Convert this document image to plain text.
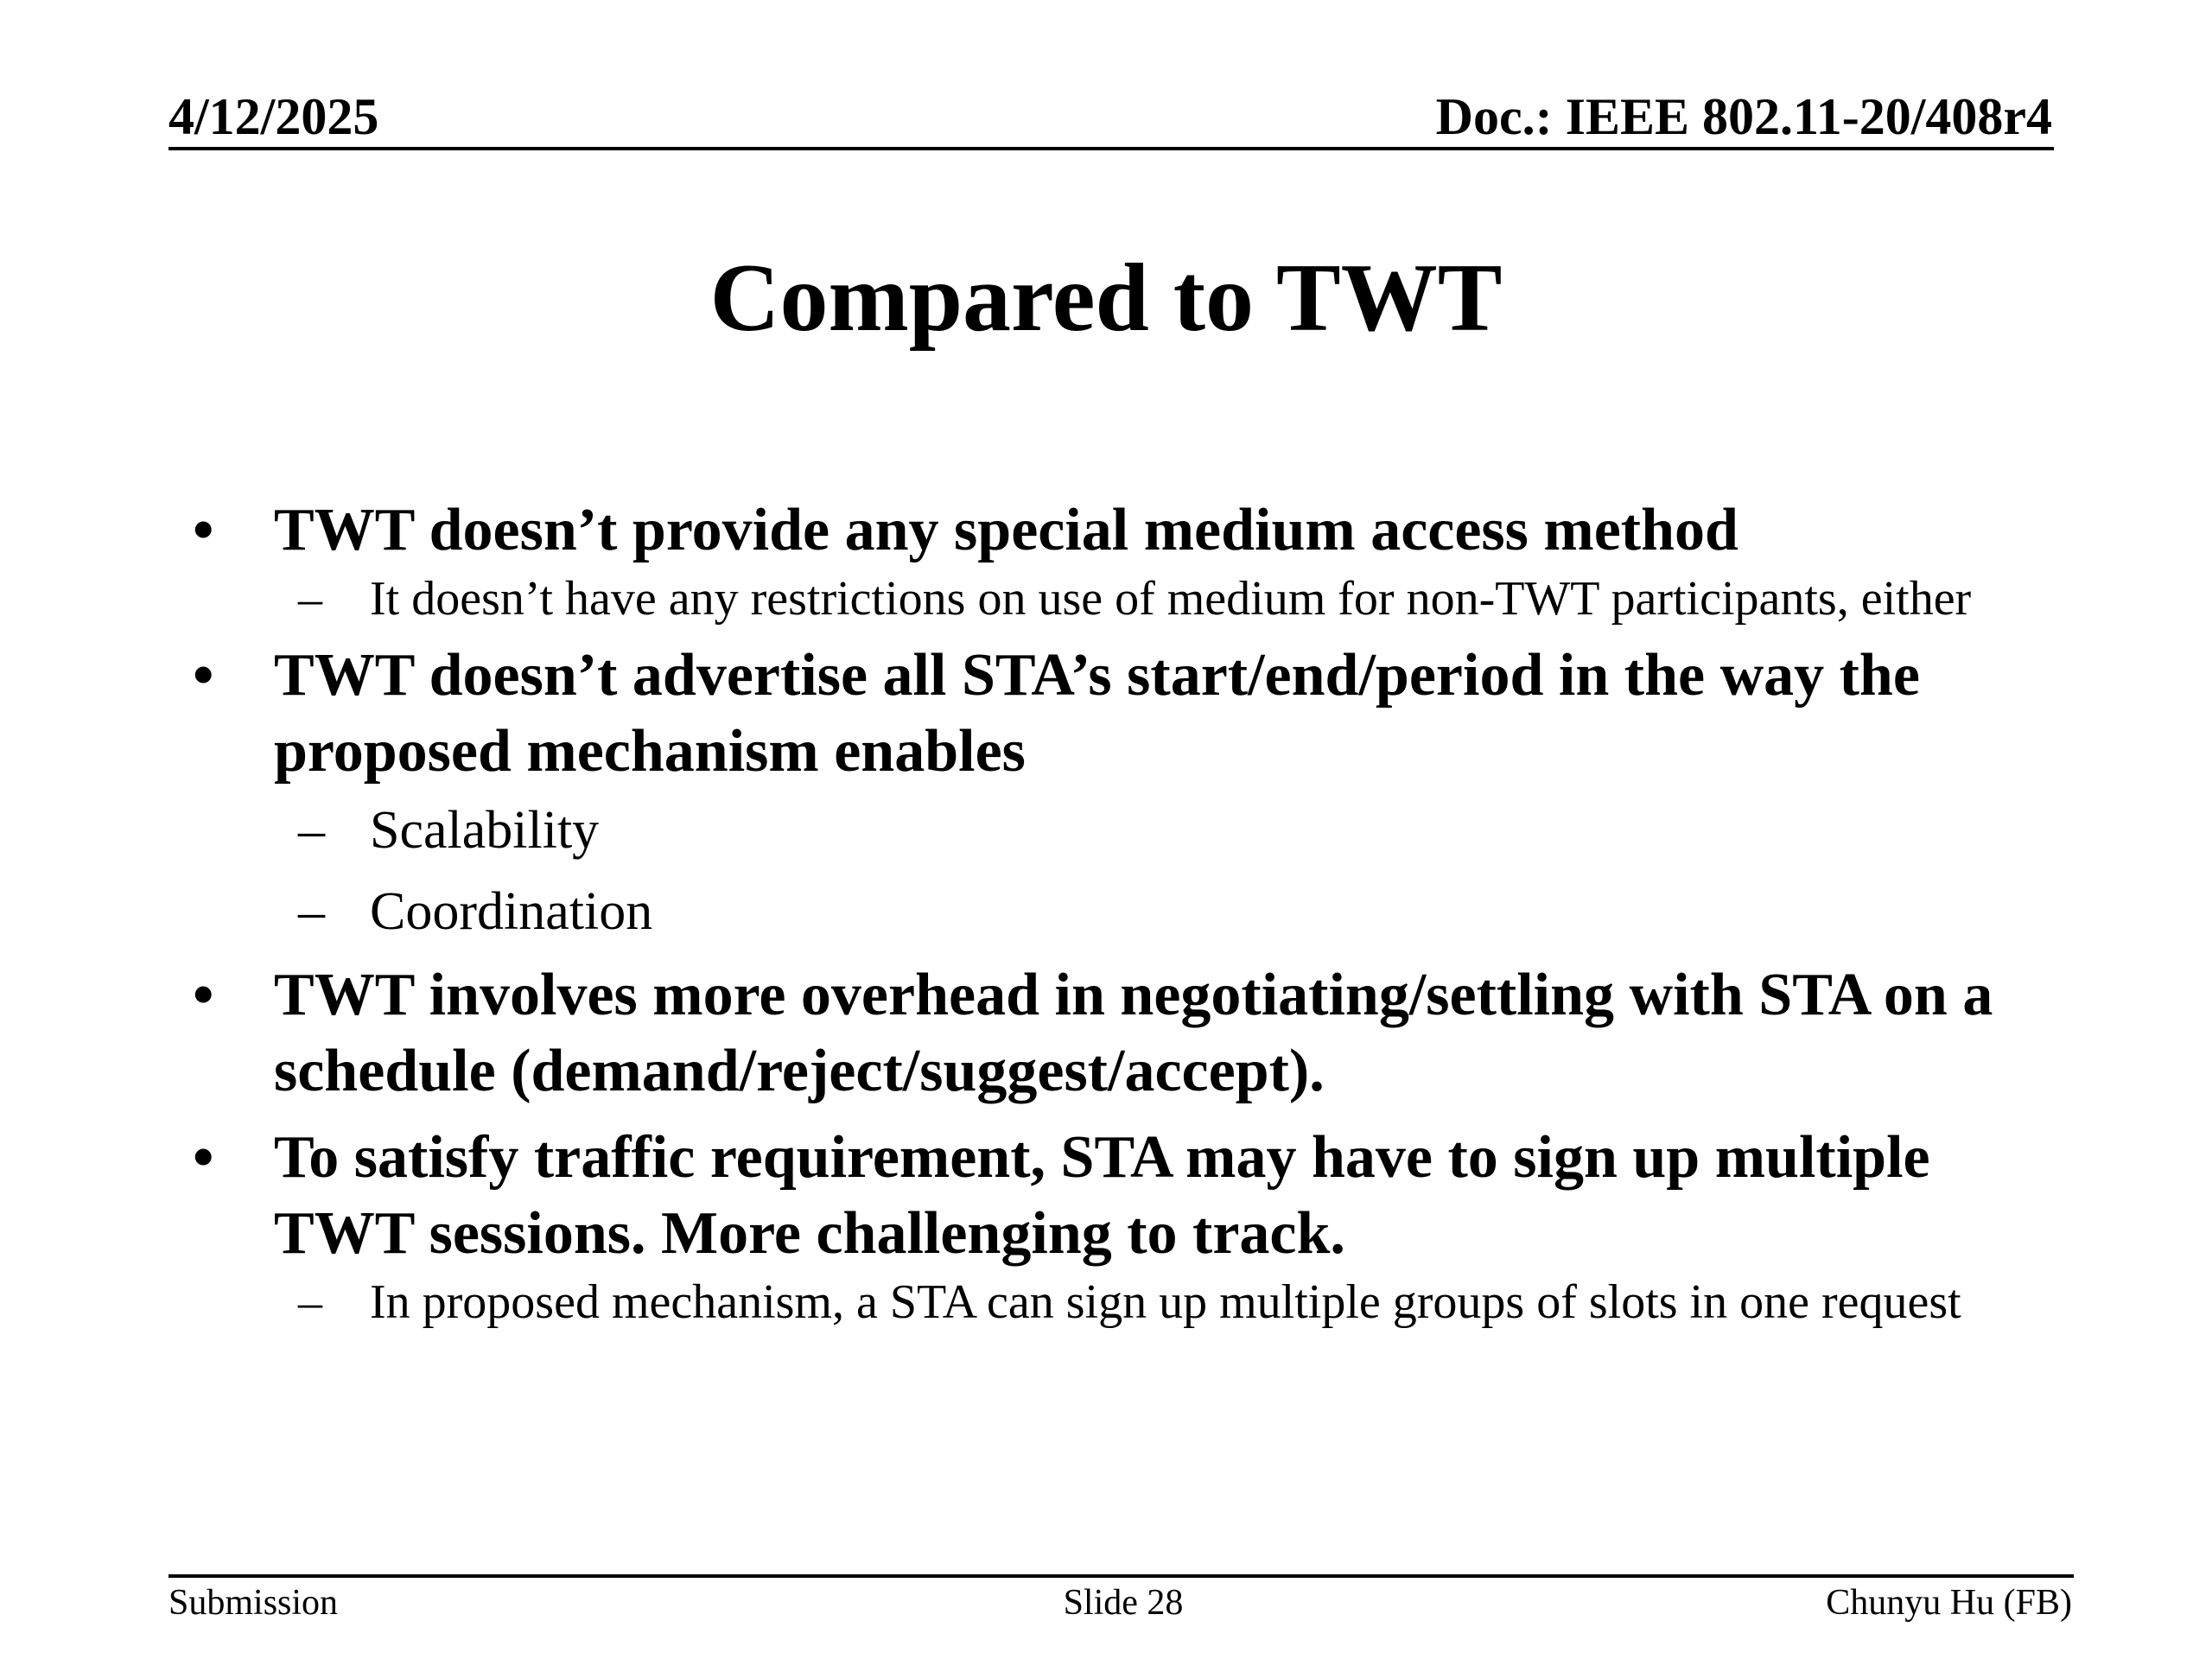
4/12/2025	Doc.: IEEE 802.11-20/408r4
Compared to TWT
• TWT doesn’t provide any special medium access method
– It doesn’t have any restrictions on use of medium for non-TWT participants, either
• TWT doesn’t advertise all STA’s start/end/period in the way the proposed mechanism enables
– Scalability
– Coordination
• TWT involves more overhead in negotiating/settling with STA on a schedule (demand/reject/suggest/accept).
• To satisfy traffic requirement, STA may have to sign up multiple TWT sessions. More challenging to track.
– In proposed mechanism, a STA can sign up multiple groups of slots in one request
Submission	Slide 28	Chunyu Hu (FB)
